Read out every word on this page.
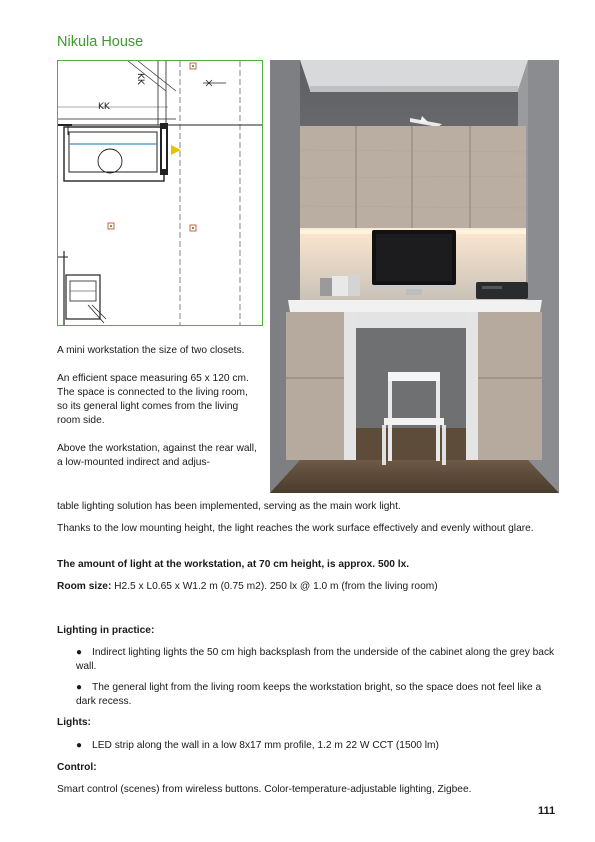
Nikula House
KK
KK

A mini workstation the size of two closets.

An efficient space measuring 65 x 120 cm.

The space is connected to the living room, so its general light comes from the living room side.

Above the workstation, against the rear wall, a low-mounted indirect and adjus-

table lighting solution has been implemented, serving as the main work light.
Thanks to the low mounting height, the light reaches the work surface effectively and evenly without glare.
The amount of light at the workstation, at 70 cm height, is approx. 500 lx.
Room size: H2.5 x L0.65 x W1.2 m (0.75 m2). 250 lx @ 1.0 m (from the living room)
Lighting in practice:
● Indirect lighting lights the 50 cm high backsplash from the underside of the cabinet along the grey back wall.
● The general light from the living room keeps the workstation bright, so the space does not feel like a dark recess.
Lights:
● LED strip along the wall in a low 8x17 mm profile, 1.2 m 22 W CCT (1500 lm)
Control:
Smart control (scenes) from wireless buttons. Color-temperature-adjustable lighting, Zigbee.
111
